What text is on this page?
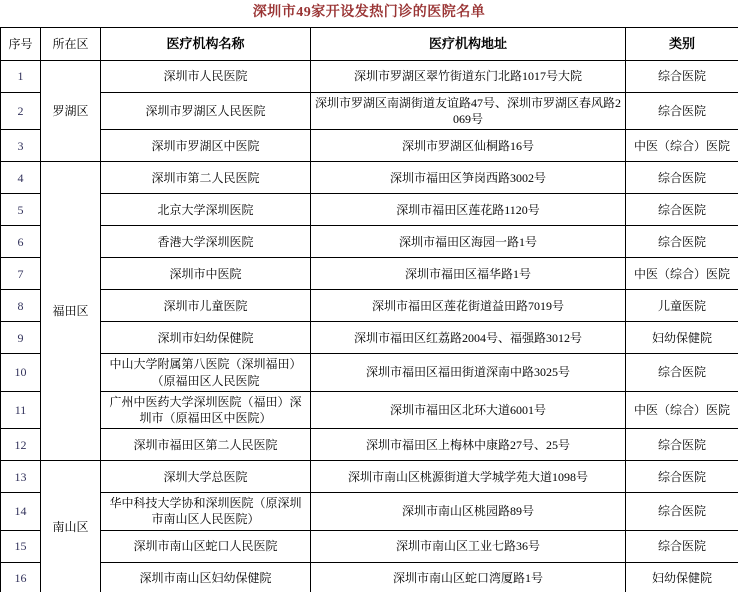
深圳市49家开设发热门诊的医院名单
序号	所在区	医疗机构名称	医疗机构地址	类别
1	罗湖区	深圳市人民医院	深圳市罗湖区翠竹街道东门北路1017号大院	综合医院
2		深圳市罗湖区人民医院	深圳市罗湖区南湖街道友谊路47号、深圳市罗湖区春风路2069号	综合医院
3		深圳市罗湖区中医院	深圳市罗湖区仙桐路16号	中医（综合）医院
4	福田区	深圳市第二人民医院	深圳市福田区笋岗西路3002号	综合医院
5		北京大学深圳医院	深圳市福田区莲花路1120号	综合医院
6		香港大学深圳医院	深圳市福田区海园一路1号	综合医院
7		深圳市中医院	深圳市福田区福华路1号	中医（综合）医院
8		深圳市儿童医院	深圳市福田区莲花街道益田路7019号	儿童医院
9		深圳市妇幼保健院	深圳市福田区红荔路2004号、福强路3012号	妇幼保健院
10		中山大学附属第八医院（深圳福田）（原福田区人民医院	深圳市福田区福田街道深南中路3025号	综合医院
11		广州中医药大学深圳医院（福田）深圳市（原福田区中医院）	深圳市福田区北环大道6001号	中医（综合）医院
12		深圳市福田区第二人民医院	深圳市福田区上梅林中康路27号、25号	综合医院
13	南山区	深圳大学总医院	深圳市南山区桃源街道大学城学苑大道1098号	综合医院
14		华中科技大学协和深圳医院（原深圳市南山区人民医院）	深圳市南山区桃园路89号	综合医院
15		深圳市南山区蛇口人民医院	深圳市南山区工业七路36号	综合医院
16		深圳市南山区妇幼保健院	深圳市南山区蛇口湾厦路1号	妇幼保健院
